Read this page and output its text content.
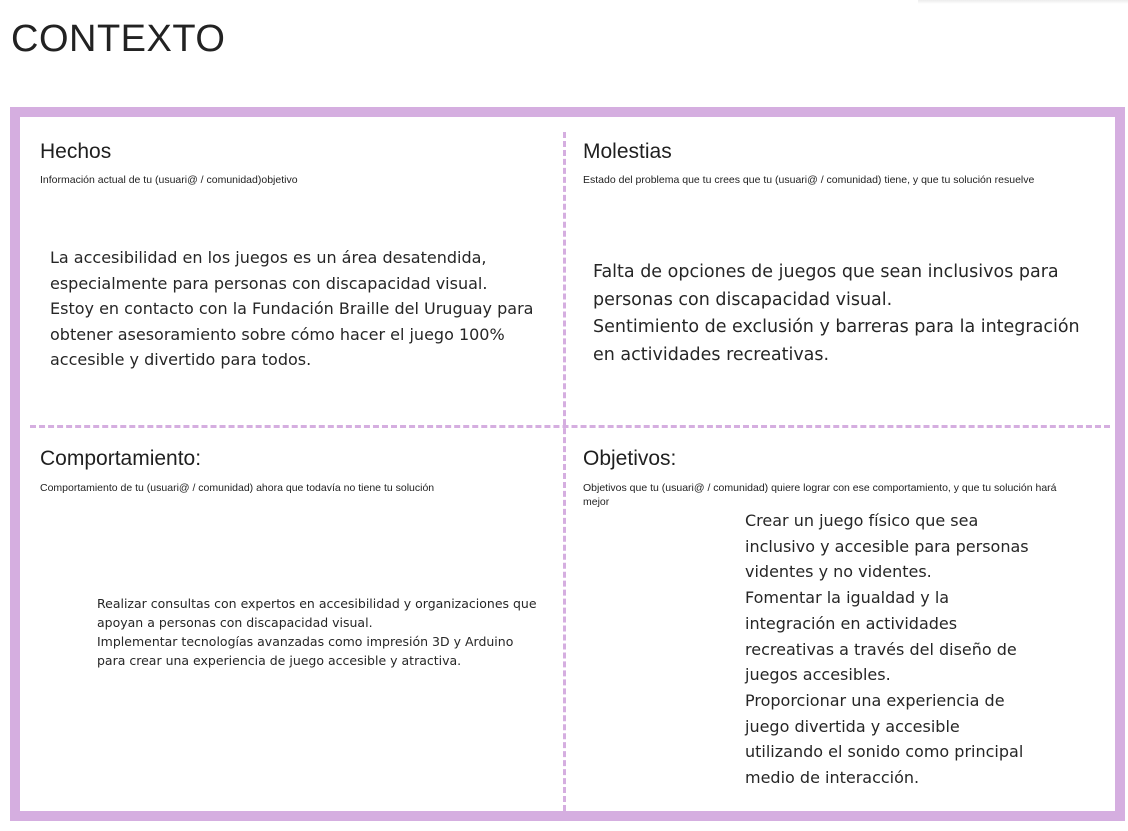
CONTEXTO
Hechos
Información actual de tu (usuari@ / comunidad)objetivo
La accesibilidad en los juegos es un área desatendida,
especialmente para personas con discapacidad visual.
Estoy en contacto con la Fundación Braille del Uruguay para
obtener asesoramiento sobre cómo hacer el juego 100%
accesible y divertido para todos.
Molestias
Estado del problema que tu crees que tu (usuari@ / comunidad) tiene, y que tu solución resuelve
Falta de opciones de juegos que sean inclusivos para
personas con discapacidad visual.
Sentimiento de exclusión y barreras para la integración
en actividades recreativas.
Comportamiento:
Comportamiento de tu (usuari@ / comunidad) ahora que todavía no tiene tu solución
Realizar consultas con expertos en accesibilidad y organizaciones que
apoyan a personas con discapacidad visual.
Implementar tecnologías avanzadas como impresión 3D y Arduino
para crear una experiencia de juego accesible y atractiva.
Objetivos:
Objetivos que tu (usuari@ / comunidad) quiere lograr con ese comportamiento, y que tu solución hará mejor
Crear un juego físico que sea
inclusivo y accesible para personas
videntes y no videntes.
Fomentar la igualdad y la
integración en actividades
recreativas a través del diseño de
juegos accesibles.
Proporcionar una experiencia de
juego divertida y accesible
utilizando el sonido como principal
medio de interacción.
